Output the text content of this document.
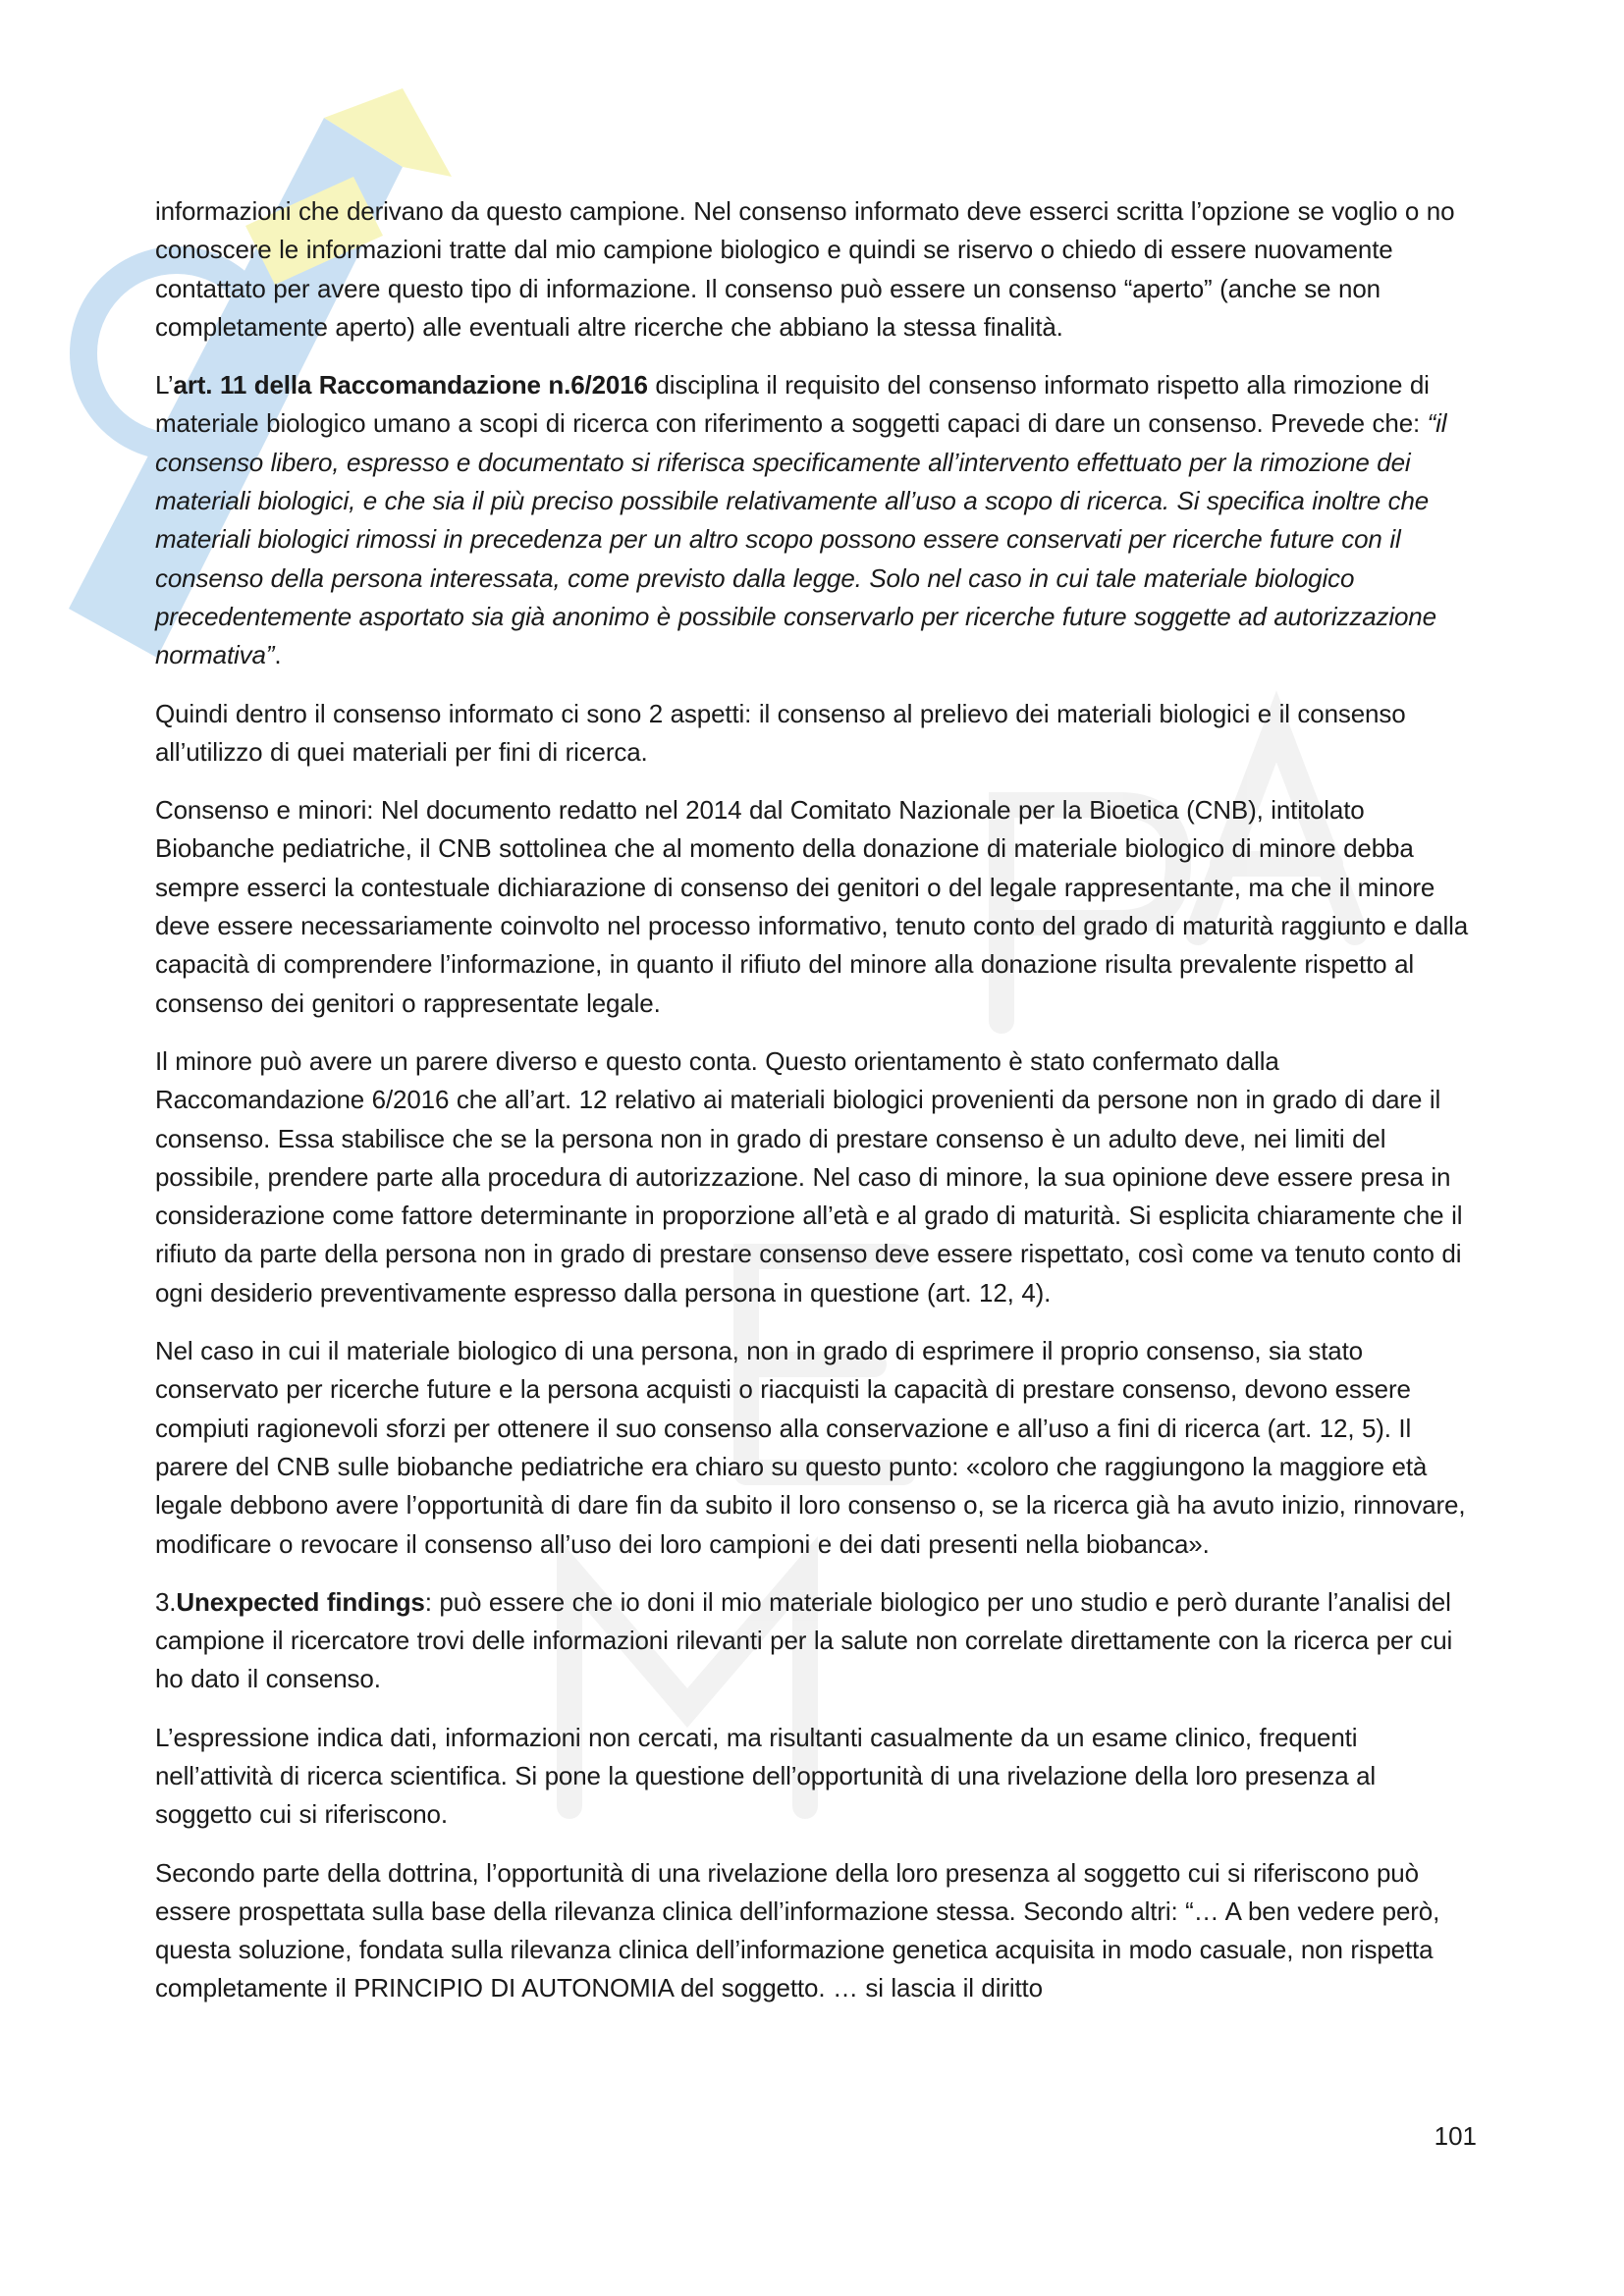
informazioni che derivano da questo campione. Nel consenso informato deve esserci scritta l’opzione se voglio o no conoscere le informazioni tratte dal mio campione biologico e quindi se riservo o chiedo di essere nuovamente contattato per avere questo tipo di informazione. Il consenso può essere un consenso “aperto” (anche se non completamente aperto) alle eventuali altre ricerche che abbiano la stessa finalità.

L’art. 11 della Raccomandazione n.6/2016 disciplina il requisito del consenso informato rispetto alla rimozione di materiale biologico umano a scopi di ricerca con riferimento a soggetti capaci di dare un consenso. Prevede che: “il consenso libero, espresso e documentato si riferisca specificamente all’intervento effettuato per la rimozione dei materiali biologici, e che sia il più preciso possibile relativamente all’uso a scopo di ricerca. Si specifica inoltre che materiali biologici rimossi in precedenza per un altro scopo possono essere conservati per ricerche future con il consenso della persona interessata, come previsto dalla legge. Solo nel caso in cui tale materiale biologico precedentemente asportato sia già anonimo è possibile conservarlo per ricerche future soggette ad autorizzazione normativa”.

Quindi dentro il consenso informato ci sono 2 aspetti: il consenso al prelievo dei materiali biologici e il consenso all’utilizzo di quei materiali per fini di ricerca.

Consenso e minori: Nel documento redatto nel 2014 dal Comitato Nazionale per la Bioetica (CNB), intitolato Biobanche pediatriche, il CNB sottolinea che al momento della donazione di materiale biologico di minore debba sempre esserci la contestuale dichiarazione di consenso dei genitori o del legale rappresentante, ma che il minore deve essere necessariamente coinvolto nel processo informativo, tenuto conto del grado di maturità raggiunto e dalla capacità di comprendere l’informazione, in quanto il rifiuto del minore alla donazione risulta prevalente rispetto al consenso dei genitori o rappresentate legale.

Il minore può avere un parere diverso e questo conta. Questo orientamento è stato confermato dalla Raccomandazione 6/2016 che all’art. 12 relativo ai materiali biologici provenienti da persone non in grado di dare il consenso. Essa stabilisce che se la persona non in grado di prestare consenso è un adulto deve, nei limiti del possibile, prendere parte alla procedura di autorizzazione. Nel caso di minore, la sua opinione deve essere presa in considerazione come fattore determinante in proporzione all’età e al grado di maturità. Si esplicita chiaramente che il rifiuto da parte della persona non in grado di prestare consenso deve essere rispettato, così come va tenuto conto di ogni desiderio preventivamente espresso dalla persona in questione (art. 12, 4).

Nel caso in cui il materiale biologico di una persona, non in grado di esprimere il proprio consenso, sia stato conservato per ricerche future e la persona acquisti o riacquisti la capacità di prestare consenso, devono essere compiuti ragionevoli sforzi per ottenere il suo consenso alla conservazione e all’uso a fini di ricerca (art. 12, 5). Il parere del CNB sulle biobanche pediatriche era chiaro su questo punto: «coloro che raggiungono la maggiore età legale debbono avere l’opportunità di dare fin da subito il loro consenso o, se la ricerca già ha avuto inizio, rinnovare, modificare o revocare il consenso all’uso dei loro campioni e dei dati presenti nella biobanca».

3.Unexpected findings: può essere che io doni il mio materiale biologico per uno studio e però durante l’analisi del campione il ricercatore trovi delle informazioni rilevanti per la salute non correlate direttamente con la ricerca per cui ho dato il consenso.

L’espressione indica dati, informazioni non cercati, ma risultanti casualmente da un esame clinico, frequenti nell’attività di ricerca scientifica. Si pone la questione dell’opportunità di una rivelazione della loro presenza al soggetto cui si riferiscono.

Secondo parte della dottrina, l’opportunità di una rivelazione della loro presenza al soggetto cui si riferiscono può essere prospettata sulla base della rilevanza clinica dell’informazione stessa. Secondo altri: “… A ben vedere però, questa soluzione, fondata sulla rilevanza clinica dell’informazione genetica acquisita in modo casuale, non rispetta completamente il PRINCIPIO DI AUTONOMIA del soggetto. … si lascia il diritto

101
